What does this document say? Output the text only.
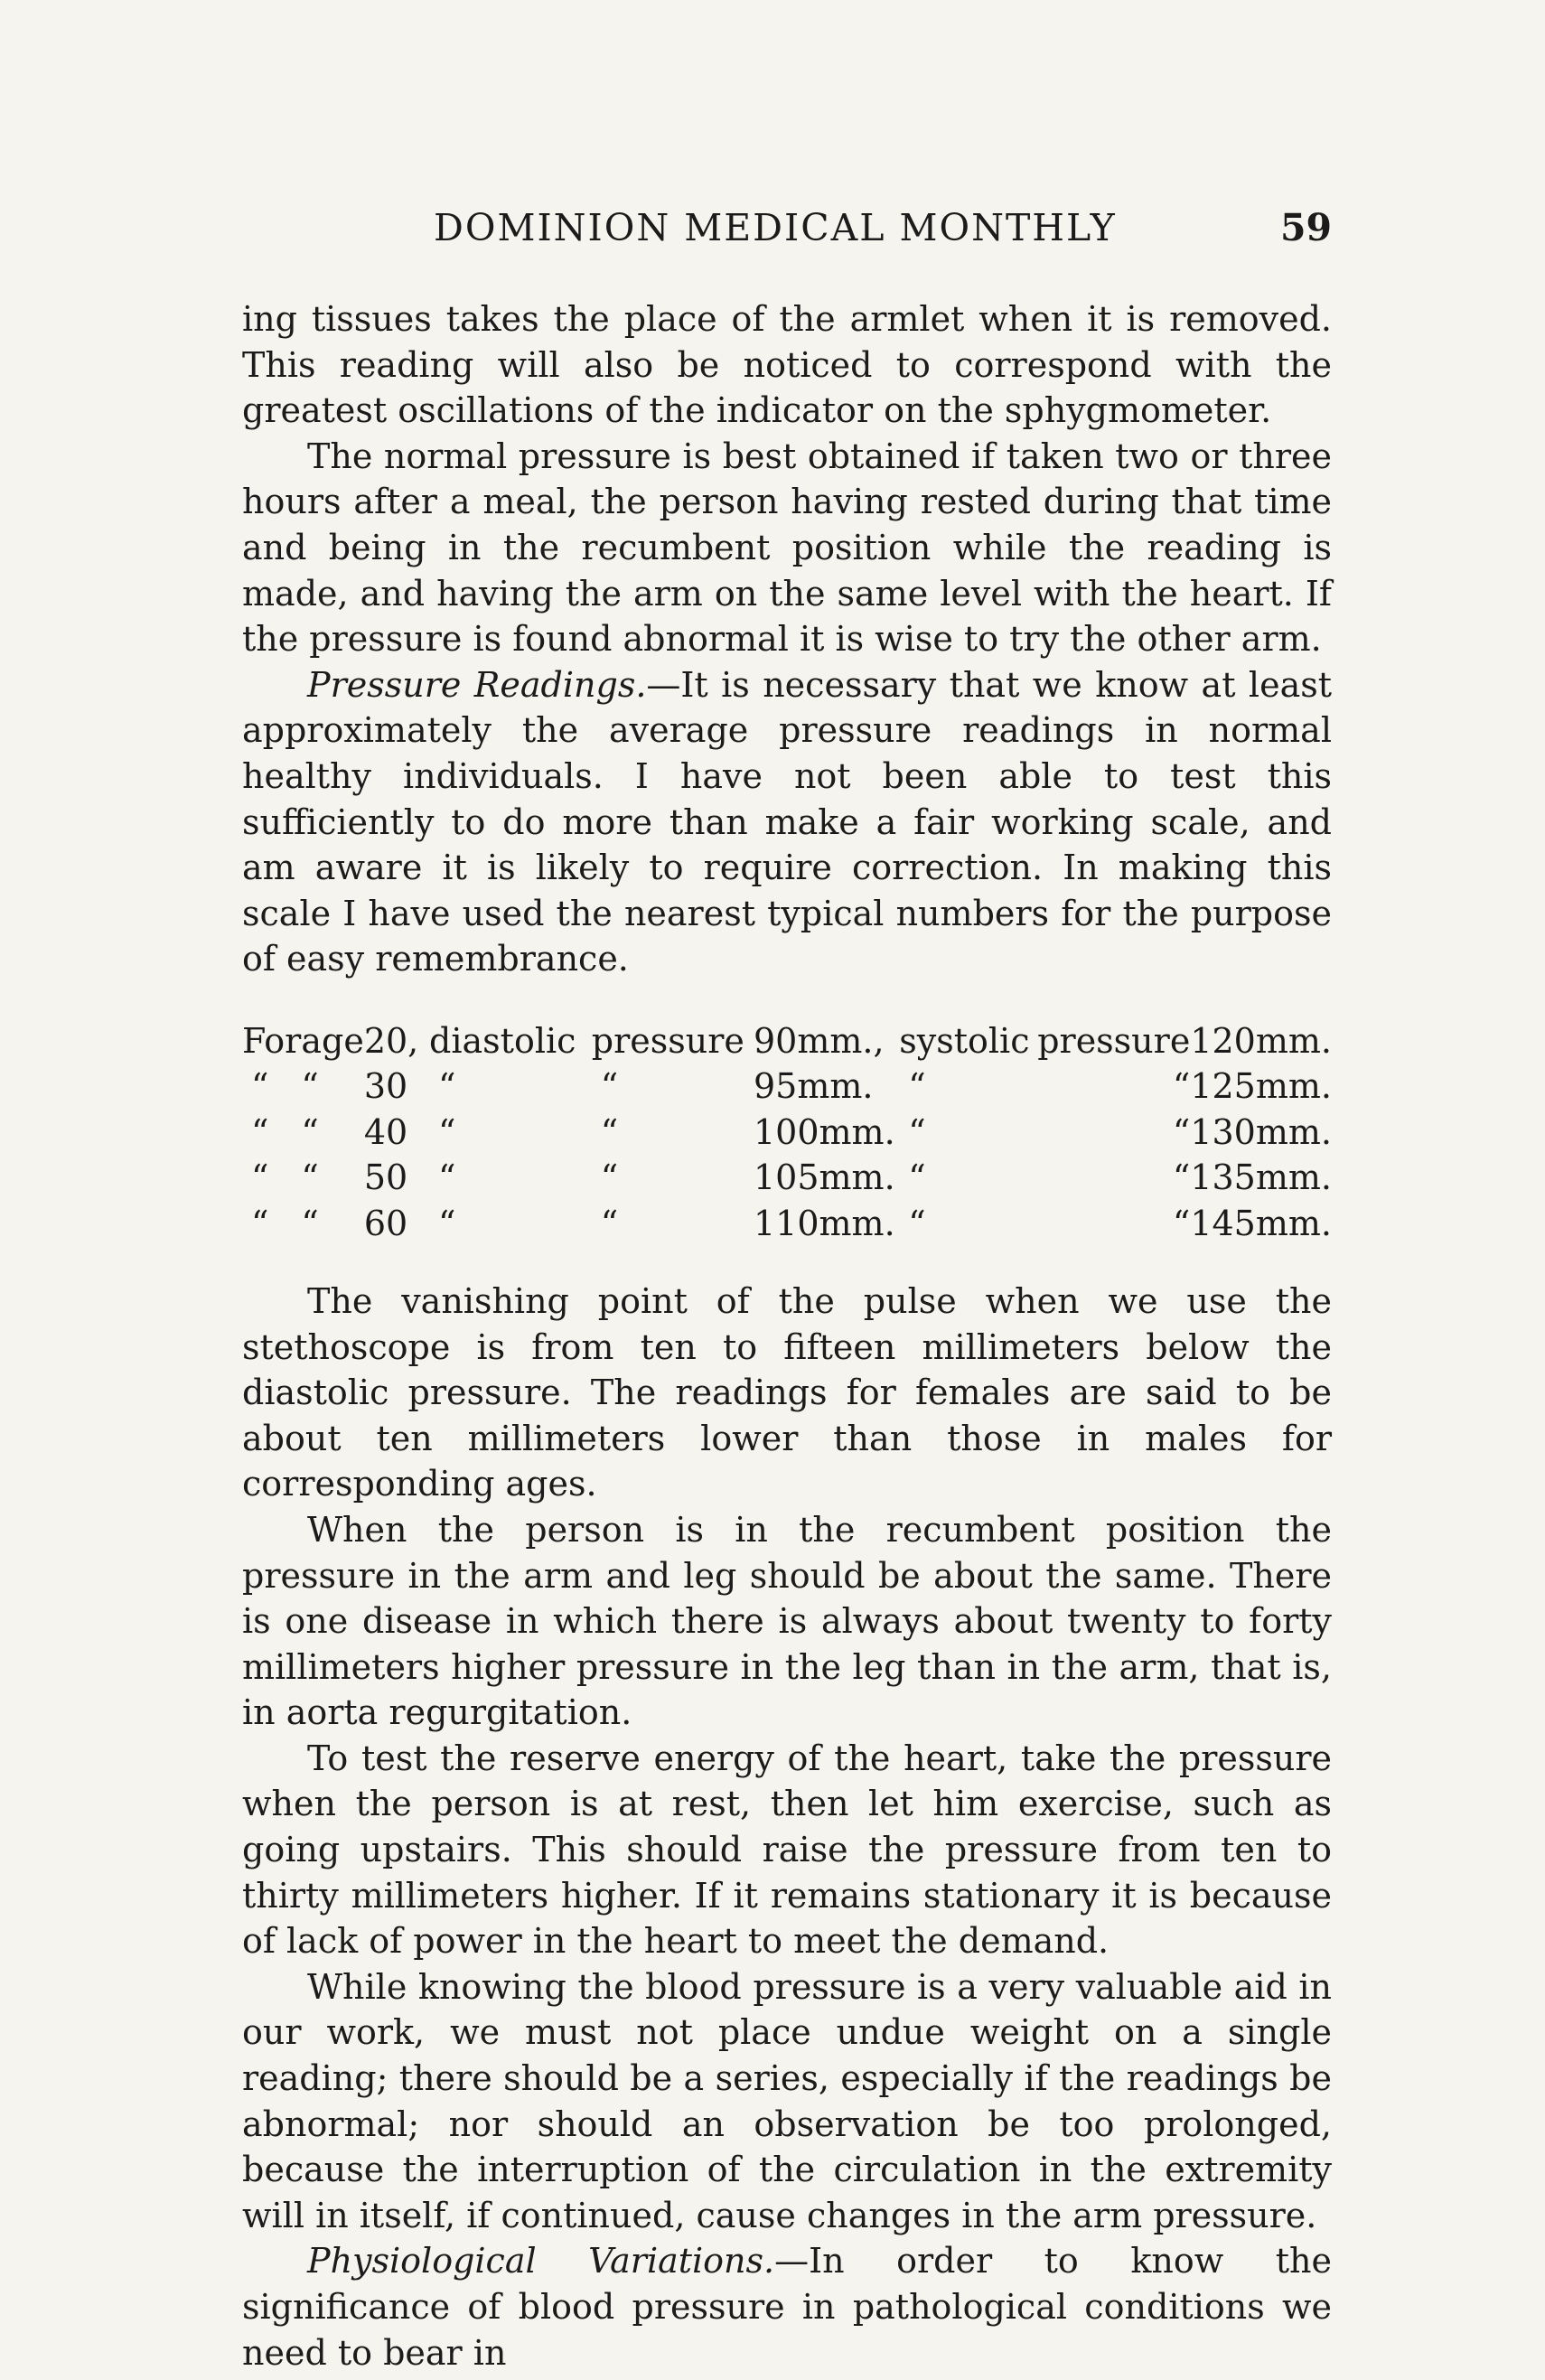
DOMINION MEDICAL MONTHLY	59

ing tissues takes the place of the armlet when it is removed. This reading will also be noticed to correspond with the greatest oscillations of the indicator on the sphygmometer.

The normal pressure is best obtained if taken two or three hours after a meal, the person having rested during that time and being in the recumbent position while the reading is made, and having the arm on the same level with the heart. If the pressure is found abnormal it is wise to try the other arm.

Pressure Readings.—It is necessary that we know at least approximately the average pressure readings in normal healthy individuals. I have not been able to test this sufficiently to do more than make a fair working scale, and am aware it is likely to require correction. In making this scale I have used the nearest typical numbers for the purpose of easy remembrance.

For	age	20,	diastolic	pressure	90mm.,	systolic	pressure	120mm.
“	“	30	“	“	95mm.	“	“	125mm.
“	“	40	“	“	100mm.	“	“	130mm.
“	“	50	“	“	105mm.	“	“	135mm.
“	“	60	“	“	110mm.	“	“	145mm.

The vanishing point of the pulse when we use the stethoscope is from ten to fifteen millimeters below the diastolic pressure. The readings for females are said to be about ten millimeters lower than those in males for corresponding ages.

When the person is in the recumbent position the pressure in the arm and leg should be about the same. There is one disease in which there is always about twenty to forty millimeters higher pressure in the leg than in the arm, that is, in aorta regurgitation.

To test the reserve energy of the heart, take the pressure when the person is at rest, then let him exercise, such as going upstairs. This should raise the pressure from ten to thirty millimeters higher. If it remains stationary it is because of lack of power in the heart to meet the demand.

While knowing the blood pressure is a very valuable aid in our work, we must not place undue weight on a single reading; there should be a series, especially if the readings be abnormal; nor should an observation be too prolonged, because the interruption of the circulation in the extremity will in itself, if continued, cause changes in the arm pressure.

Physiological Variations.—In order to know the significance of blood pressure in pathological conditions we need to bear in
